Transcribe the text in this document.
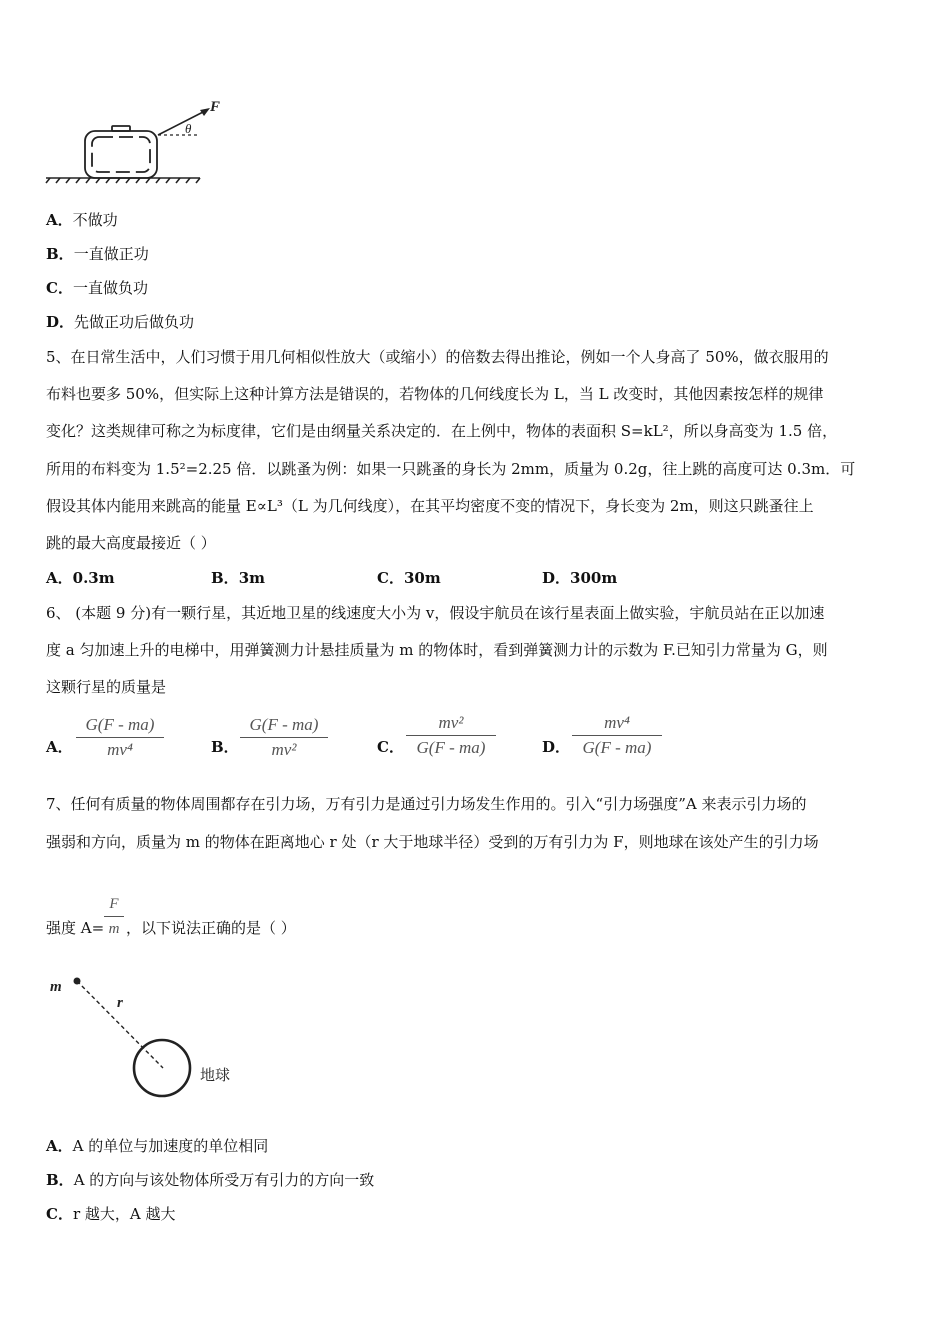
F
θ
A．不做功
B．一直做正功
C．一直做负功
D．先做正功后做负功
5、在日常生活中，人们习惯于用几何相似性放大（或缩小）的倍数去得出推论，例如一个人身高了 50%，做衣服用的
布料也要多 50%，但实际上这种计算方法是错误的，若物体的几何线度长为 L，当 L 改变时，其他因素按怎样的规律
变化？这类规律可称之为标度律，它们是由纲量关系决定的．在上例中，物体的表面积 S=kL²，所以身高变为 1.5 倍，
所用的布料变为 1.5²=2.25 倍．以跳蚤为例：如果一只跳蚤的身长为 2mm，质量为 0.2g，往上跳的高度可达 0.3m．可
假设其体内能用来跳高的能量 E∝L³（L 为几何线度），在其平均密度不变的情况下，身长变为 2m，则这只跳蚤往上
跳的最大高度最接近（ ）
A．0.3m	B．3m	C．30m	D．300m
6、 (本题 9 分)有一颗行星，其近地卫星的线速度大小为 v，假设宇航员在该行星表面上做实验，宇航员站在正以加速
度 a 匀加速上升的电梯中，用弹簧测力计悬挂质量为 m 的物体时，看到弹簧测力计的示数为 F.已知引力常量为 G，则
这颗行星的质量是
A．
G(F - ma)
mv⁴	B．
G(F - ma)
mv²	C．
mv²
G(F - ma)	D．
mv⁴
G(F - ma)
7、任何有质量的物体周围都存在引力场，万有引力是通过引力场发生作用的。引入“引力场强度”A 来表示引力场的
强弱和方向，质量为 m 的物体在距离地心 r 处（r 大于地球半径）受到的万有引力为 F，则地球在该处产生的引力场
强度 A=
F
m ，以下说法正确的是（ ）
m
r
地球
A．A 的单位与加速度的单位相同
B．A 的方向与该处物体所受万有引力的方向一致
C．r 越大，A 越大
